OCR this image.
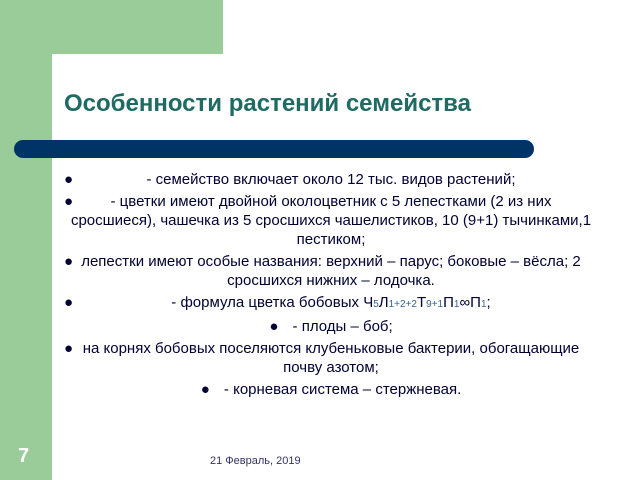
Особенности растений семейства
●	- семейство включает около 12 тыс. видов растений;
● - цветки имеют двойной околоцветник с 5 лепестками (2 из них сросшиеся), чашечка из 5 сросшихся чашелистиков, 10 (9+1) тычинками,1 пестиком;
● лепестки имеют особые названия: верхний – парус; боковые – вёсла; 2 сросшихся нижних – лодочка.
●	- формула цветка бобовых Ч5Л1+2+2Т9+1П1∞П1;
● - плоды – боб;
● на корнях бобовых поселяются клубеньковые бактерии, обогащающие почву азотом;
● - корневая система – стержневая.
7	21 Февраль, 2019
